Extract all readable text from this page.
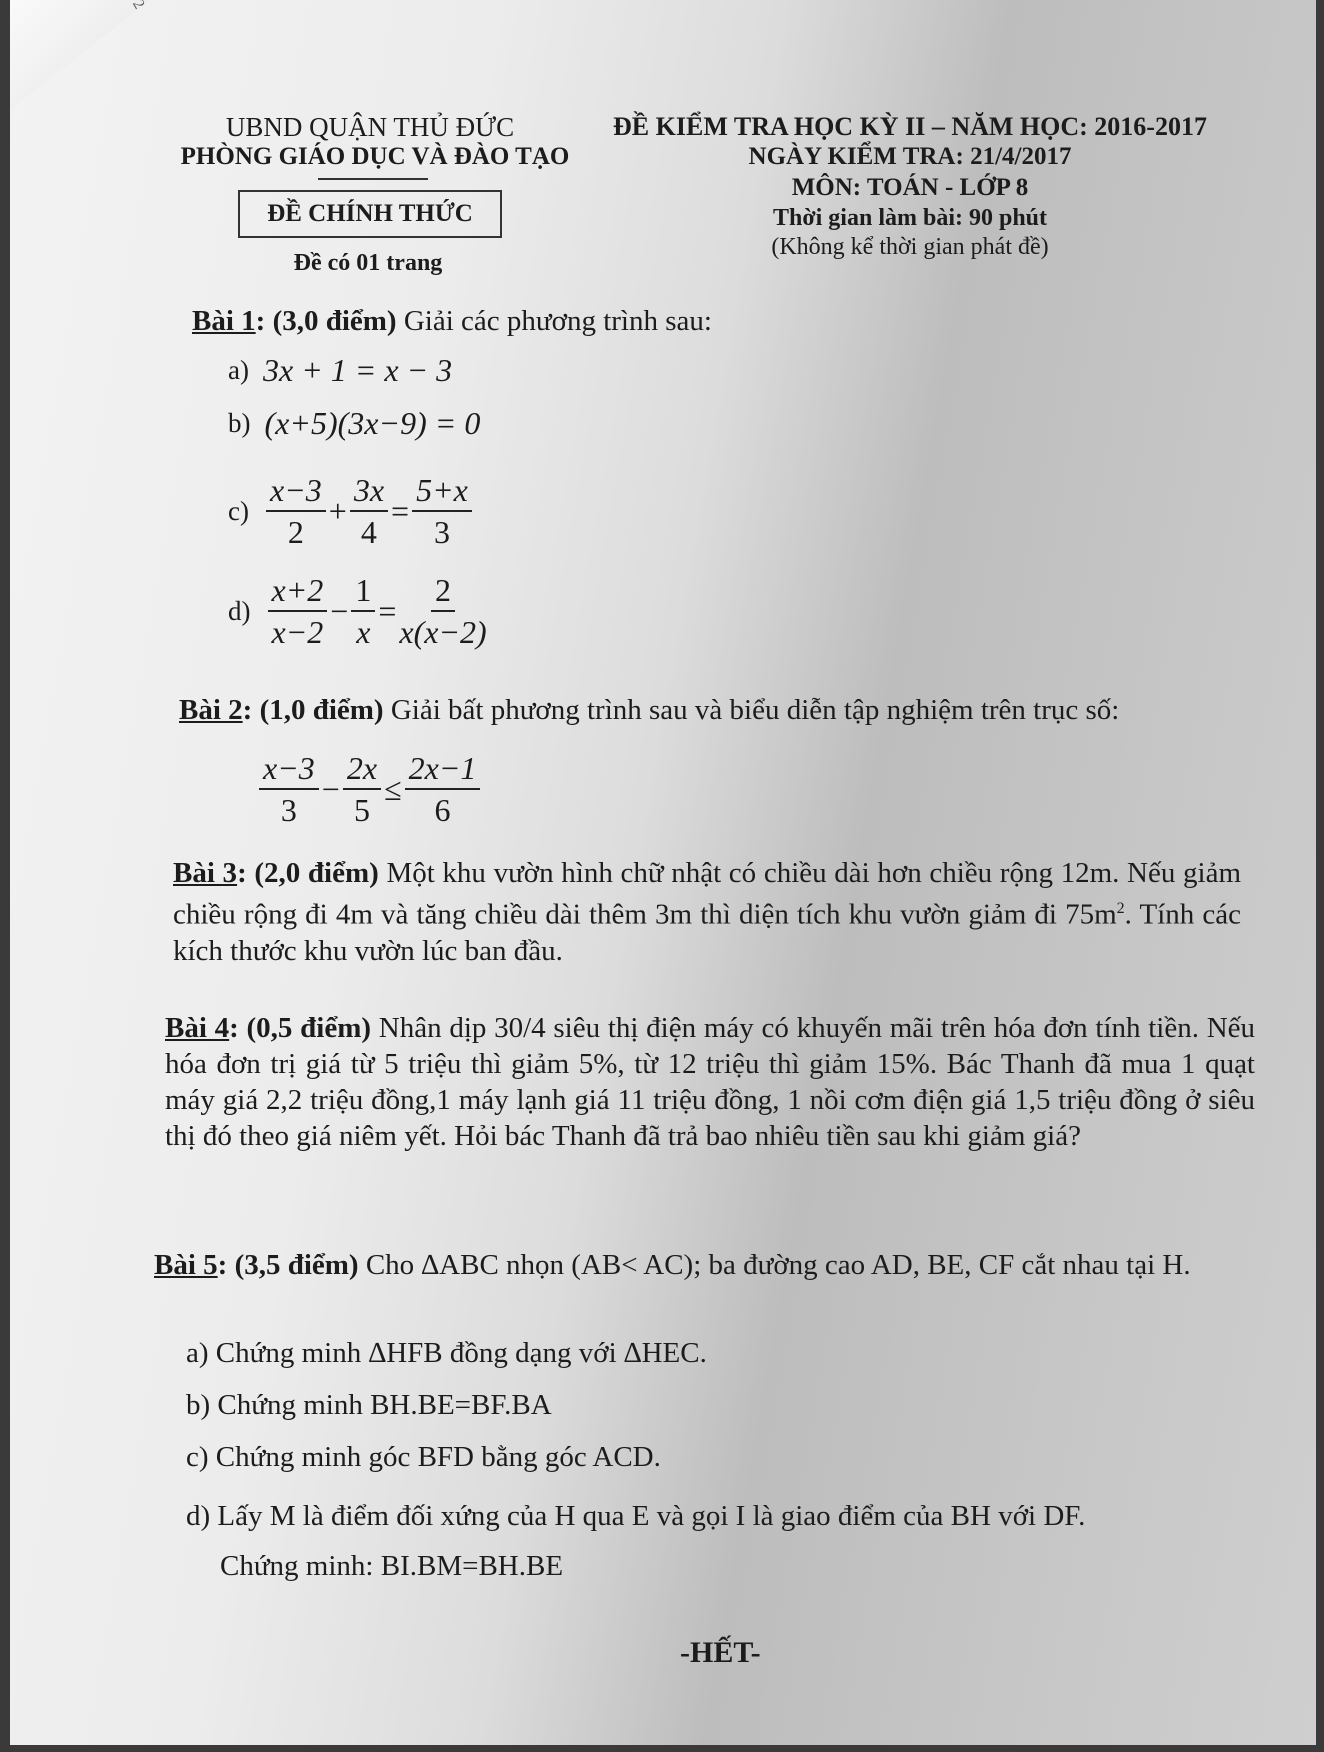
UBND QUẬN THỦ ĐỨC
PHÒNG GIÁO DỤC VÀ ĐÀO TẠO
ĐỀ CHÍNH THỨC
Đề có 01 trang
ĐỀ KIỂM TRA HỌC KỲ II – NĂM HỌC: 2016-2017
NGÀY KIỂM TRA: 21/4/2017
MÔN: TOÁN - LỚP 8
Thời gian làm bài: 90 phút
(Không kể thời gian phát đề)
Bài 1: (3,0 điểm) Giải các phương trình sau:
a) 3x + 1 = x − 3
b) (x+5)(3x−9) = 0
$c) \frac{x-3}{2} + \frac{3x}{4} = \frac{5+x}{3}$
$d) \frac{x+2}{x-2} - \frac{1}{x} = \frac{2}{x(x-2)}$
Bài 2: (1,0 điểm) Giải bất phương trình sau và biểu diễn tập nghiệm trên trục số:
$\frac{x-3}{3} - \frac{2x}{5} \le \frac{2x-1}{6}$
Bài 3: (2,0 điểm) Một khu vườn hình chữ nhật có chiều dài hơn chiều rộng 12m. Nếu giảm chiều rộng đi 4m và tăng chiều dài thêm 3m thì diện tích khu vườn giảm đi $75m^2$. Tính các kích thước khu vườn lúc ban đầu.
Bài 4: (0,5 điểm) Nhân dịp 30/4 siêu thị điện máy có khuyến mãi trên hóa đơn tính tiền. Nếu hóa đơn trị giá từ 5 triệu thì giảm 5%, từ 12 triệu thì giảm 15%. Bác Thanh đã mua 1 quạt máy giá 2,2 triệu đồng,1 máy lạnh giá 11 triệu đồng, 1 nồi cơm điện giá 1,5 triệu đồng ở siêu thị đó theo giá niêm yết. Hỏi bác Thanh đã trả bao nhiêu tiền sau khi giảm giá?
Bài 5: (3,5 điểm) Cho ∆ABC nhọn (AB< AC); ba đường cao AD, BE, CF cắt nhau tại H.
a) Chứng minh ∆HFB đồng dạng với ∆HEC.
b) Chứng minh BH.BE=BF.BA
c) Chứng minh góc BFD bằng góc ACD.
d) Lấy M là điểm đối xứng của H qua E và gọi I là giao điểm của BH với DF.
Chứng minh: BI.BM=BH.BE
-HẾT-
